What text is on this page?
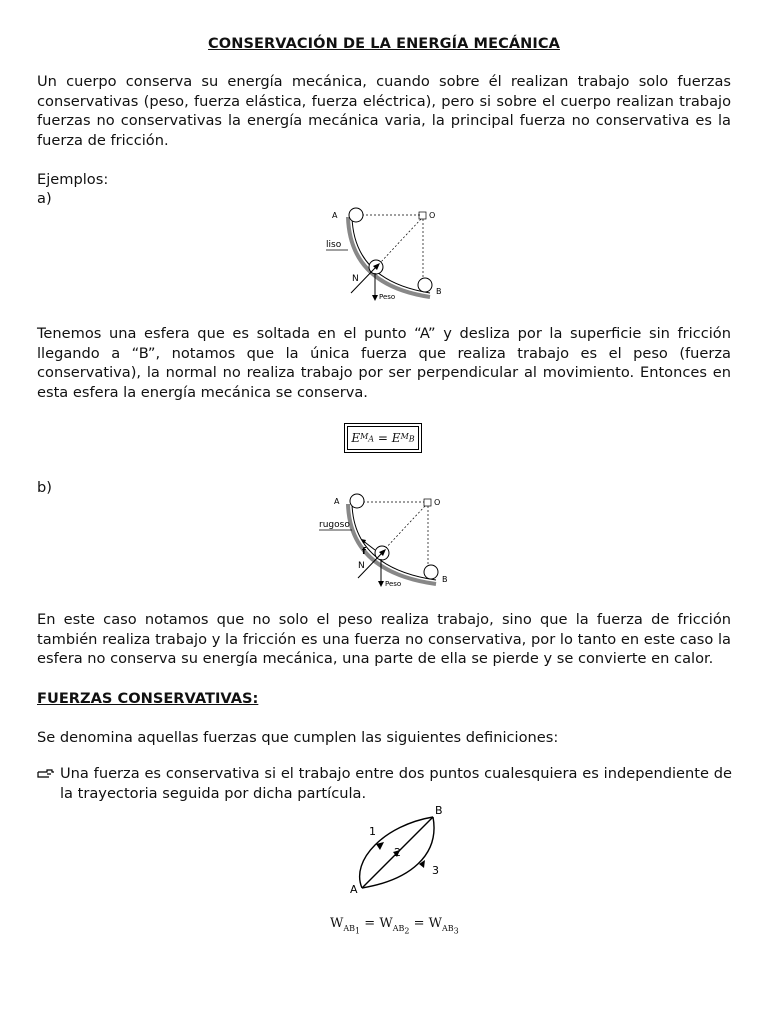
CONSERVACIÓN DE LA ENERGÍA MECÁNICA
Un cuerpo conserva su energía mecánica, cuando sobre él realizan trabajo solo fuerzas conservativas (peso, fuerza elástica, fuerza eléctrica), pero si sobre el cuerpo realizan trabajo fuerzas no conservativas la energía mecánica varia, la principal fuerza no conservativa es la fuerza de fricción.
Ejemplos:
a)
A	O
B
liso
N
Peso
Tenemos una esfera que es soltada en el punto “A” y desliza por la superficie sin fricción llegando a “B”, notamos que la única fuerza que realiza trabajo es el peso (fuerza conservativa), la normal no realiza trabajo por ser perpendicular al movimiento. Entonces en esta esfera la energía mecánica se conserva.
E $M_A$
=
E $M_B$
b)
A	O
B
rugoso
f
N
Peso
En este caso notamos que no solo el peso realiza trabajo, sino que la fuerza de fricción también realiza trabajo y la fricción es una fuerza no conservativa, por lo tanto en este caso la esfera no conserva su energía mecánica, una parte de ella se pierde y se convierte en calor.
FUERZAS CONSERVATIVAS:
Se denomina aquellas fuerzas que cumplen las siguientes definiciones:
Una fuerza es conservativa si el trabajo entre dos puntos cualesquiera es independiente de la trayectoria seguida por dicha partícula.
A
B
1
2
3
$W_{AB_1} = W_{AB_2} = W_{AB_3}$
